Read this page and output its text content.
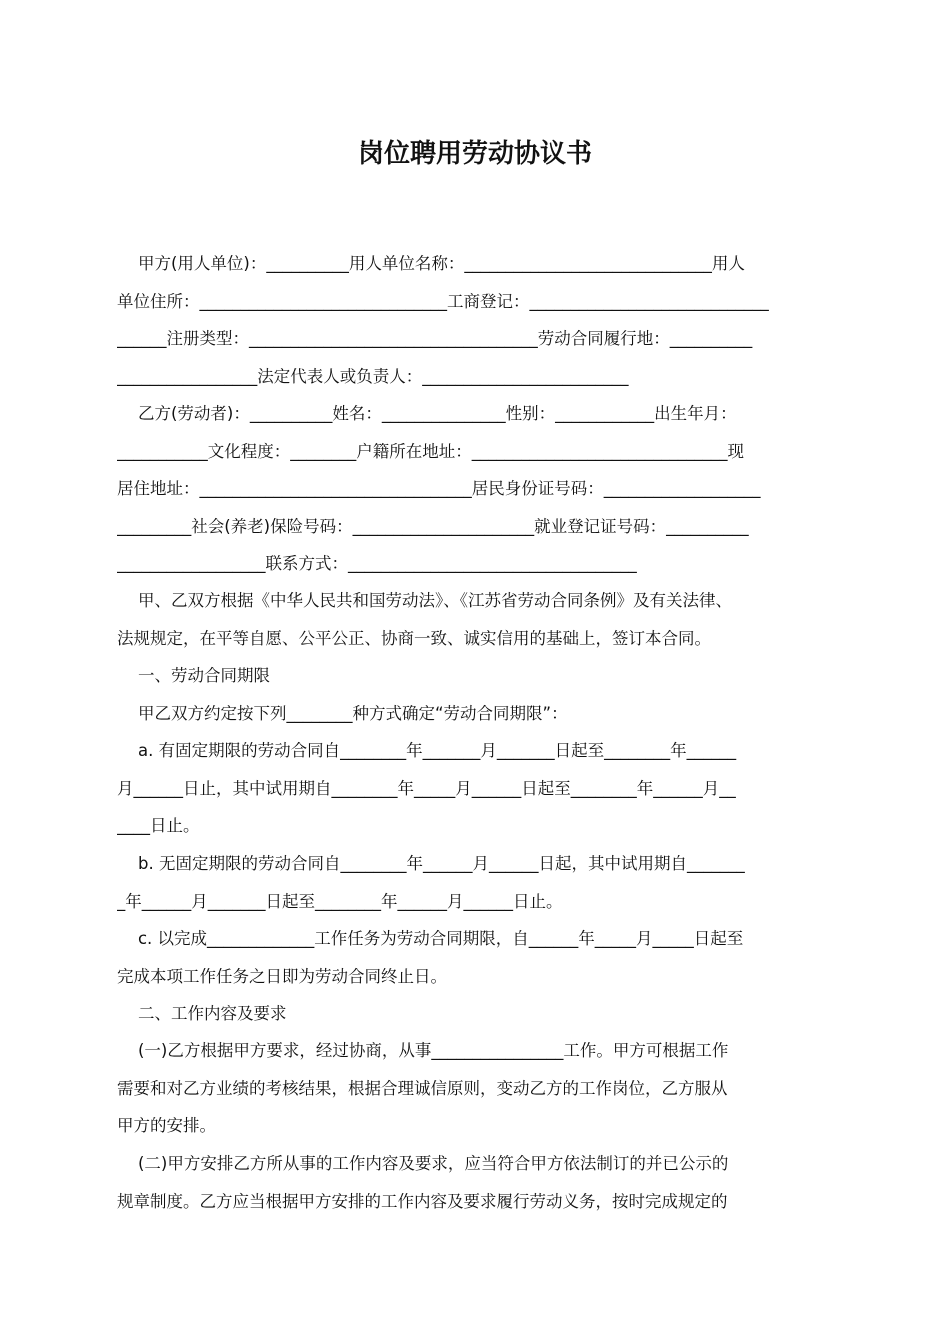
岗位聘用劳动协议书
甲方(用人单位)：__________用人单位名称：______________________________用人
单位住所：______________________________工商登记：_____________________________
______注册类型：___________________________________劳动合同履行地：__________
_________________法定代表人或负责人：_________________________
乙方(劳动者)：__________姓名：_______________性别：____________出生年月：
___________文化程度：________户籍所在地址：_______________________________现
居住地址：_________________________________居民身份证号码：___________________
_________社会(养老)保险号码：______________________就业登记证号码：__________
__________________联系方式：___________________________________
甲、乙双方根据《中华人民共和国劳动法》、《江苏省劳动合同条例》及有关法律、
法规规定，在平等自愿、公平公正、协商一致、诚实信用的基础上，签订本合同。
一、劳动合同期限
甲乙双方约定按下列________种方式确定“劳动合同期限”：
a. 有固定期限的劳动合同自________年_______月_______日起至________年______
月______日止，其中试用期自________年_____月______日起至________年______月__
____日止。
b. 无固定期限的劳动合同自________年______月______日起，其中试用期自_______
_年______月_______日起至________年______月______日止。
c. 以完成_____________工作任务为劳动合同期限，自______年_____月_____日起至
完成本项工作任务之日即为劳动合同终止日。
二、工作内容及要求
(一)乙方根据甲方要求，经过协商，从事________________工作。甲方可根据工作
需要和对乙方业绩的考核结果，根据合理诚信原则，变动乙方的工作岗位，乙方服从
甲方的安排。
(二)甲方安排乙方所从事的工作内容及要求，应当符合甲方依法制订的并已公示的
规章制度。乙方应当根据甲方安排的工作内容及要求履行劳动义务，按时完成规定的
